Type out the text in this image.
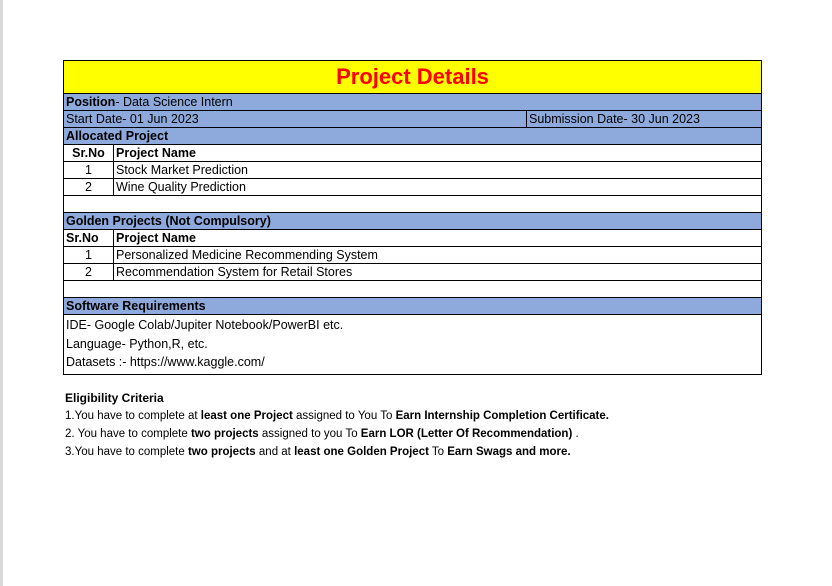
Project Details
Position - Data Science Intern
Start Date- 01 Jun 2023	Submission Date- 30 Jun 2023
Allocated Project
Sr.No Project Name
1	Stock Market Prediction
2	Wine Quality Prediction
Golden Projects (Not Compulsory)
Sr.No	Project Name
1	Personalized Medicine Recommending System
2	Recommendation System for Retail Stores
Software Requirements
IDE- Google Colab/Jupiter Notebook/PowerBI etc.
Language- Python,R, etc.
Datasets :- https://www.kaggle.com/
Eligibility Criteria
1.You have to complete at least one Project assigned to You To Earn Internship Completion Certificate.
2. You have to complete two projects assigned to you To Earn LOR (Letter Of Recommendation) .
3.You have to complete two projects and at least one Golden Project To Earn Swags and more.
